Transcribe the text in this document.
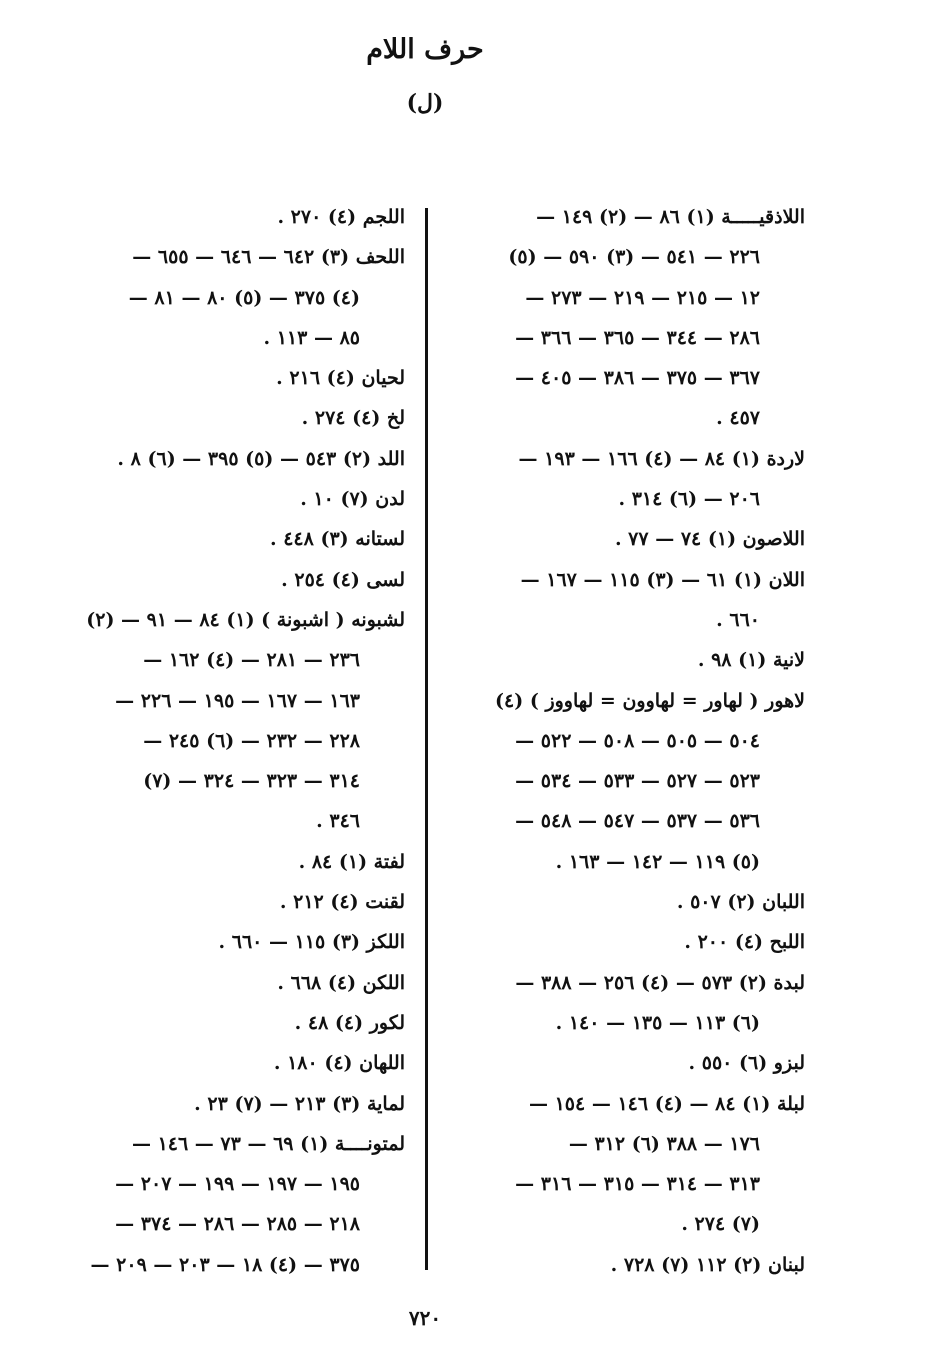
حرف اللام
(ل)
اللاذقيـــــة (١) ٨٦ — (٢) ١٤٩ —
٢٢٦ — ٥٤١ — (٣) ٥٩٠ — (٥)
١٢ — ٢١٥ — ٢١٩ — ٢٧٣ —
٢٨٦ — ٣٤٤ — ٣٦٥ — ٣٦٦ —
٣٦٧ — ٣٧٥ — ٣٨٦ — ٤٠٥ —
٤٥٧ .
لاردة (١) ٨٤ — (٤) ١٦٦ — ١٩٣ —
٢٠٦ — (٦) ٣١٤ .
اللاصون (١) ٧٤ — ٧٧ .
اللان (١) ٦١ — (٣) ١١٥ — ١٦٧ —
٦٦٠ .
لانية (١) ٩٨ .
لاهور ( لهاور = لهاوون = لهاووز ) (٤)
٥٠٤ — ٥٠٥ — ٥٠٨ — ٥٢٢ —
٥٢٣ — ٥٢٧ — ٥٣٣ — ٥٣٤ —
٥٣٦ — ٥٣٧ — ٥٤٧ — ٥٤٨ —
(٥) ١١٩ — ١٤٢ — ١٦٣ .
اللبان (٢) ٥٠٧ .
اللبح (٤) ٢٠٠ .
لبدة (٢) ٥٧٣ — (٤) ٢٥٦ — ٣٨٨ —
(٦) ١١٣ — ١٣٥ — ١٤٠ .
لبزو (٦) ٥٥٠ .
لبلة (١) ٨٤ — (٤) ١٤٦ — ١٥٤ —
١٧٦ — ٣٨٨ (٦) ٣١٢ —
٣١٣ — ٣١٤ — ٣١٥ — ٣١٦ —
(٧) ٢٧٤ .
لبنان (٢) ١١٢ (٧) ٧٢٨ .
اللجم (٤) ٢٧٠ .
اللحف (٣) ٦٤٢ — ٦٤٦ — ٦٥٥ —
(٤) ٣٧٥ — (٥) ٨٠ — ٨١ —
٨٥ — ١١٣ .
لحيان (٤) ٢١٦ .
لخ (٤) ٢٧٤ .
اللد (٢) ٥٤٣ — (٥) ٣٩٥ — (٦) ٨ .
لدن (٧) ١٠ .
لستانه (٣) ٤٤٨ .
لسى (٤) ٢٥٤ .
لشبونه ( اشبونة ) (١) ٨٤ — ٩١ — (٢)
٢٣٦ — ٢٨١ — (٤) ١٦٢ —
١٦٣ — ١٦٧ — ١٩٥ — ٢٢٦ —
٢٢٨ — ٢٣٢ — (٦) ٢٤٥ —
٣١٤ — ٣٢٣ — ٣٢٤ — (٧)
٣٤٦ .
لفتة (١) ٨٤ .
لقنت (٤) ٢١٢ .
اللكز (٣) ١١٥ — ٦٦٠ .
اللكن (٤) ٦٦٨ .
لكور (٤) ٤٨ .
اللهان (٤) ١٨٠ .
لماية (٣) ٢١٣ — (٧) ٢٣ .
لمتونــــة (١) ٦٩ — ٧٣ — ١٤٦ —
١٩٥ — ١٩٧ — ١٩٩ — ٢٠٧ —
٢١٨ — ٢٨٥ — ٢٨٦ — ٣٧٤ —
٣٧٥ — (٤) ١٨ — ٢٠٣ — ٢٠٩ —
٧٢٠
